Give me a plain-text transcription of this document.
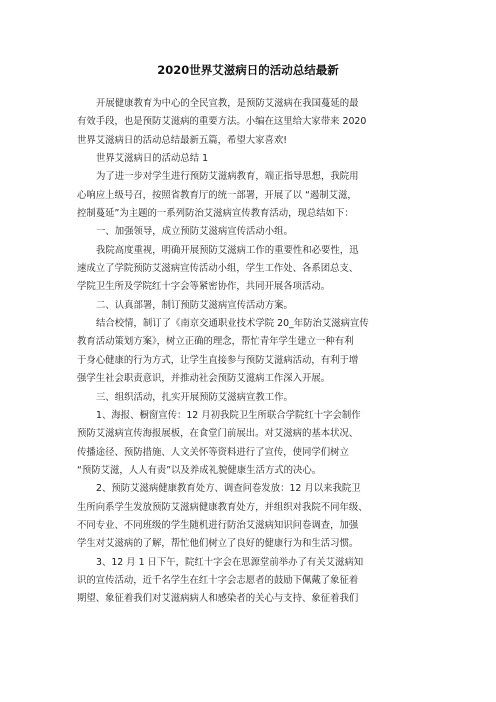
2020世界艾滋病日的活动总结最新
开展健康教育为中心的全民宣教，是预防艾滋病在我国蔓延的最
有效手段，也是预防艾滋病的重要方法。小编在这里给大家带来 2020
世界艾滋病日的活动总结最新五篇，希望大家喜欢!
世界艾滋病日的活动总结 1
为了进一步对学生进行预防艾滋病教育，端正指导思想，我院用
心响应上级号召，按照省教育厅的统一部署，开展了以 “遏制艾滋，
控制蔓延”为主题的一系列防治艾滋病宣传教育活动，现总结如下：
一、加强领导，成立预防艾滋病宣传活动小组。
我院高度重视，明确开展预防艾滋病工作的重要性和必要性，迅
速成立了学院预防艾滋病宣传活动小组，学生工作处、各系团总支、
学院卫生所及学院红十字会等紧密协作，共同开展各项活动。
二、认真部署，制订预防艾滋病宣传活动方案。
结合校情，制订了《南京交通职业技术学院 20_年防治艾滋病宣传
教育活动策划方案》，树立正确的理念，帮忙青年学生建立一种有利
于身心健康的行为方式，让学生直接参与预防艾滋病活动，有利于增
强学生社会职责意识，并推动社会预防艾滋病工作深入开展。
三、组织活动，扎实开展预防艾滋病宣教工作。
1、海报、橱窗宣传：12 月初我院卫生所联合学院红十字会制作
预防艾滋病宣传海报展板，在食堂门前展出。对艾滋病的基本状况、
传播途径、预防措施、人文关怀等资料进行了宣传，使同学们树立
“预防艾滋，人人有责”以及养成礼貌健康生活方式的决心。
2、预防艾滋病健康教育处方、调查问卷发放：12 月以来我院卫
生所向系学生发放预防艾滋病健康教育处方，并组织对我院不同年级、
不同专业、不同班级的学生随机进行防治艾滋病知识问卷调查，加强
学生对艾滋病的了解，帮忙他们树立了良好的健康行为和生活习惯。
3、12 月 1 日下午，院红十字会在思源堂前举办了有关艾滋病知
识的宣传活动，近千名学生在红十字会志愿者的鼓励下佩戴了象征着
期望、象征着我们对艾滋病病人和感染者的关心与支持、象征着我们
